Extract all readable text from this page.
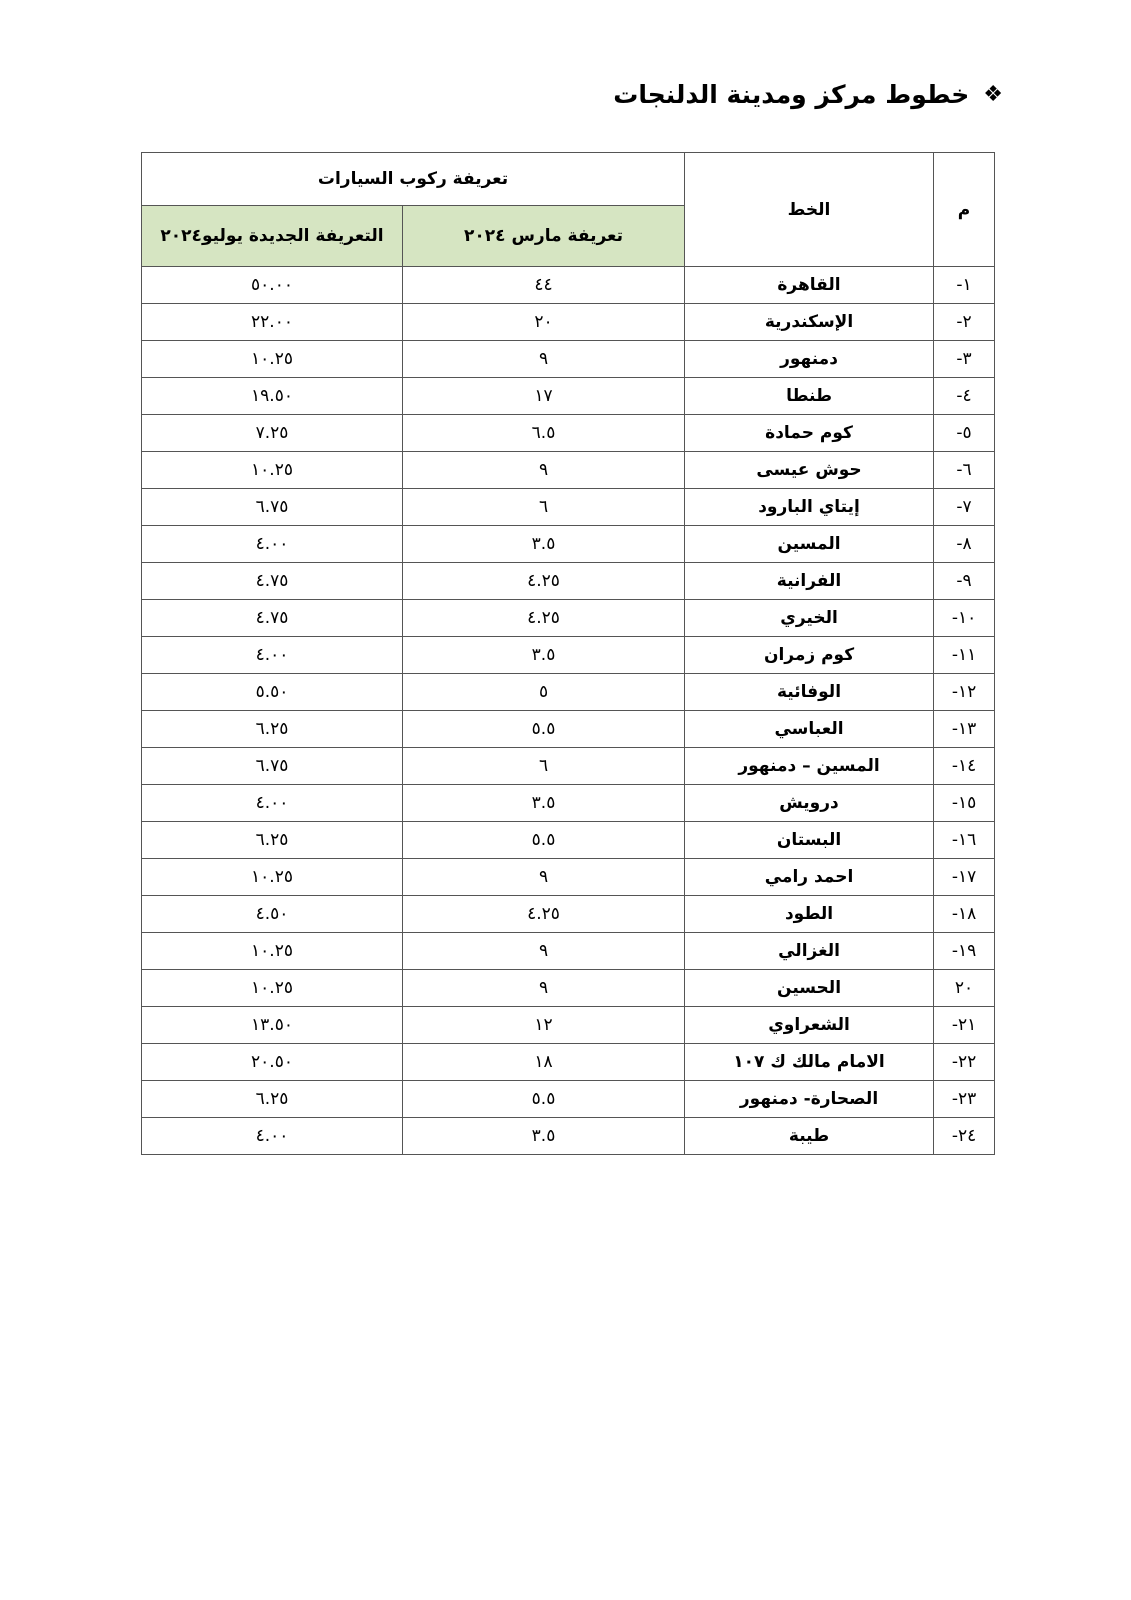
❖
خطوط مركز ومدينة الدلنجات
م	الخط	تعريفة ركوب السيارات	
		تعريفة مارس ٢٠٢٤	التعريفة الجديدة يوليو٢٠٢٤
١-	القاهرة	٤٤	٥٠.٠٠
٢-	الإسكندرية	٢٠	٢٢.٠٠
٣-	دمنهور	٩	١٠.٢٥
٤-	طنطا	١٧	١٩.٥٠
٥-	كوم حمادة	٦.٥	٧.٢٥
٦-	حوش عيسى	٩	١٠.٢٥
٧-	إيتاي البارود	٦	٦.٧٥
٨-	المسين	٣.٥	٤.٠٠
٩-	الفرانية	٤.٢٥	٤.٧٥
١٠-	الخيري	٤.٢٥	٤.٧٥
١١-	كوم زمران	٣.٥	٤.٠٠
١٢-	الوفائية	٥	٥.٥٠
١٣-	العباسي	٥.٥	٦.٢٥
١٤-	المسين – دمنهور	٦	٦.٧٥
١٥-	درويش	٣.٥	٤.٠٠
١٦-	البستان	٥.٥	٦.٢٥
١٧-	احمد رامي	٩	١٠.٢٥
١٨-	الطود	٤.٢٥	٤.٥٠
١٩-	الغزالي	٩	١٠.٢٥
٢٠	الحسين	٩	١٠.٢٥
٢١-	الشعراوي	١٢	١٣.٥٠
٢٢-	الامام مالك ك ١٠٧	١٨	٢٠.٥٠
٢٣-	الصحارة- دمنهور	٥.٥	٦.٢٥
٢٤-	طيبة	٣.٥	٤.٠٠
